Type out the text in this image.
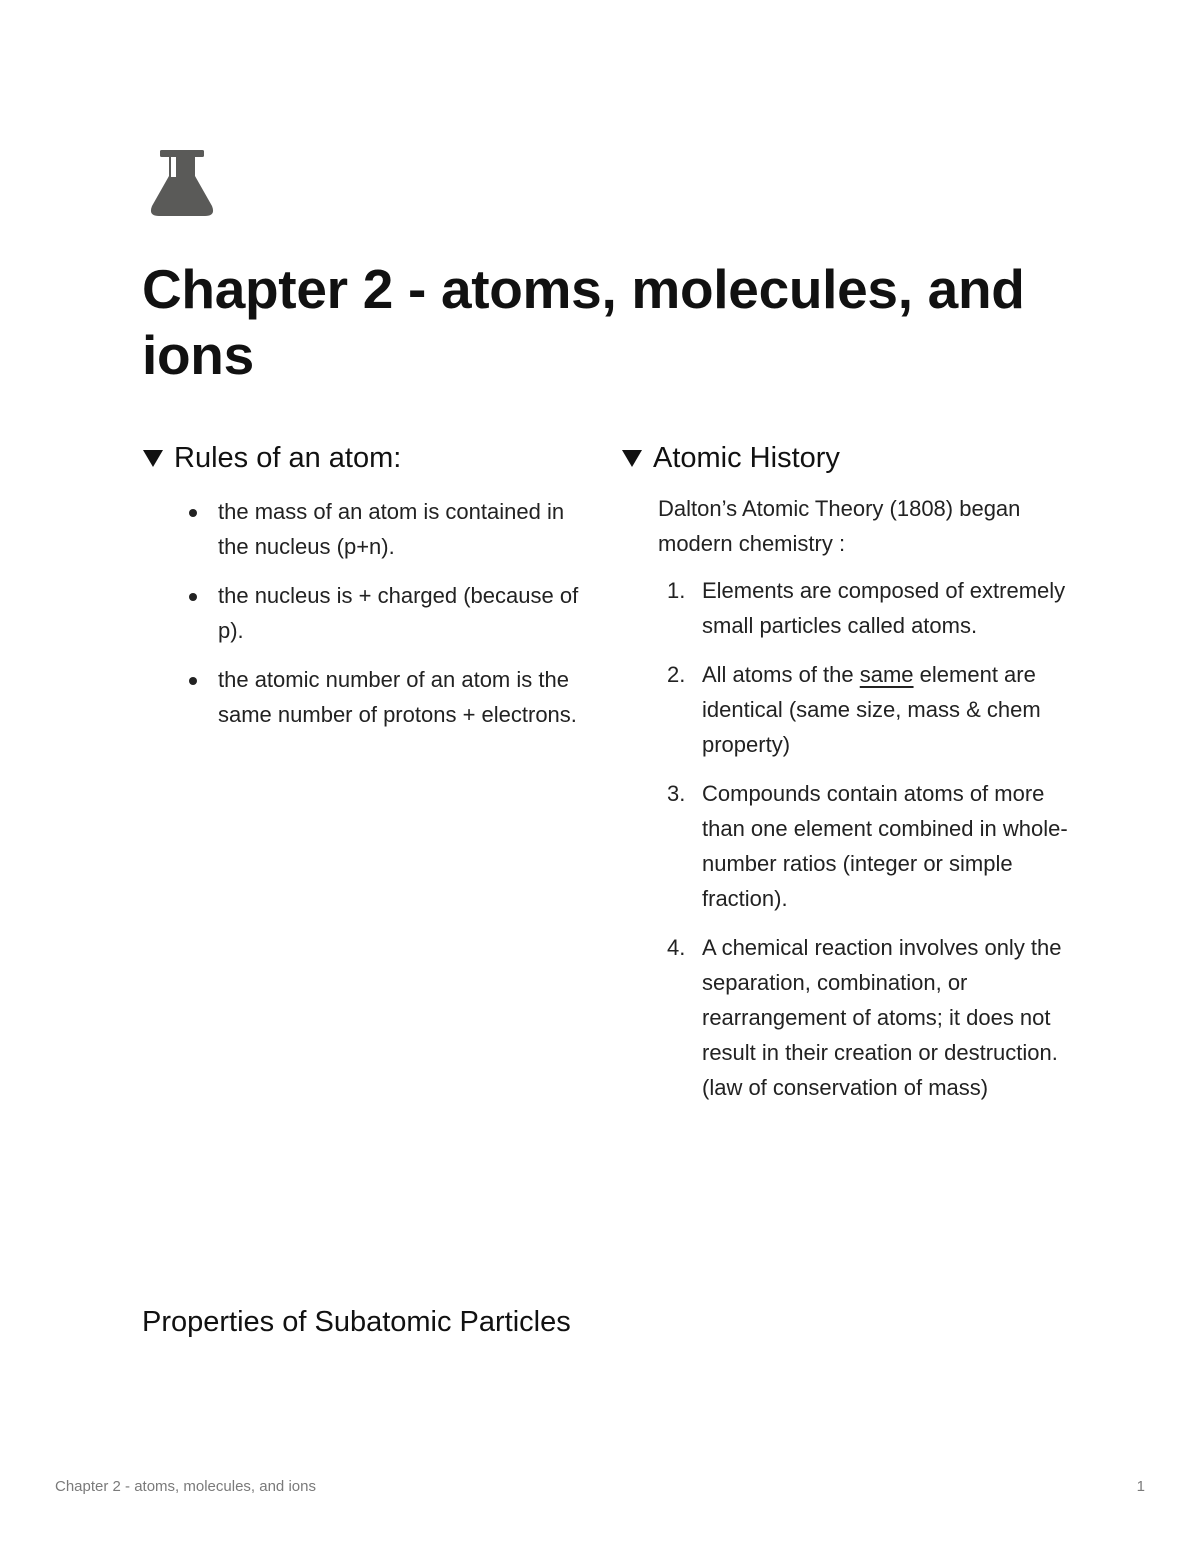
Chapter 2 - atoms, molecules, and ions
Rules of an atom:
the mass of an atom is contained in the nucleus (p+n).
the nucleus is + charged (because of p).
the atomic number of an atom is the same number of protons + electrons.
Atomic History

Dalton’s Atomic Theory (1808) began modern chemistry :

1. Elements are composed of extremely small particles called atoms.
2. All atoms of the same element are identical (same size, mass & chem property)
3. Compounds contain atoms of more than one element combined in whole-number ratios (integer or simple fraction).
4. A chemical reaction involves only the separation, combination, or rearrangement of atoms; it does not result in their creation or destruction. (law of conservation of mass)
Properties of Subatomic Particles
Chapter 2 - atoms, molecules, and ions	1
